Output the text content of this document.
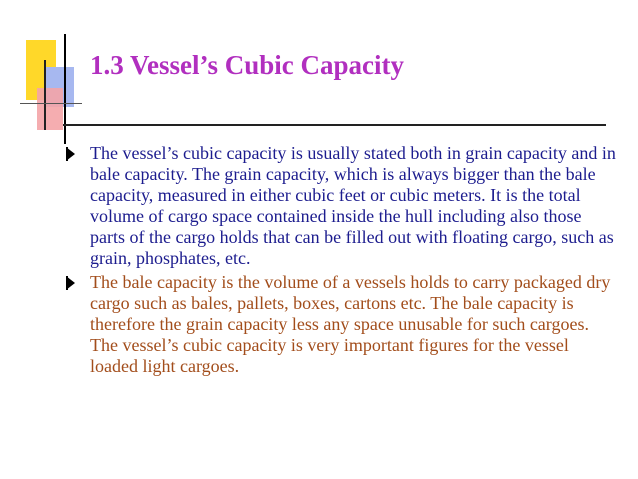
1.3 Vessel’s Cubic Capacity
The vessel’s cubic capacity is usually stated both in grain capacity and in bale capacity. The grain capacity, which is always bigger than the bale capacity, measured in either cubic feet or cubic meters. It is the total volume of cargo space contained inside the hull including also those parts of the cargo holds that can be filled out with floating cargo, such as grain, phosphates, etc.
The bale capacity is the volume of a vessels holds to carry packaged dry cargo such as bales, pallets, boxes, cartons etc. The bale capacity is therefore the grain capacity less any space unusable for such cargoes. The vessel’s cubic capacity is very important figures for the vessel loaded light cargoes.
